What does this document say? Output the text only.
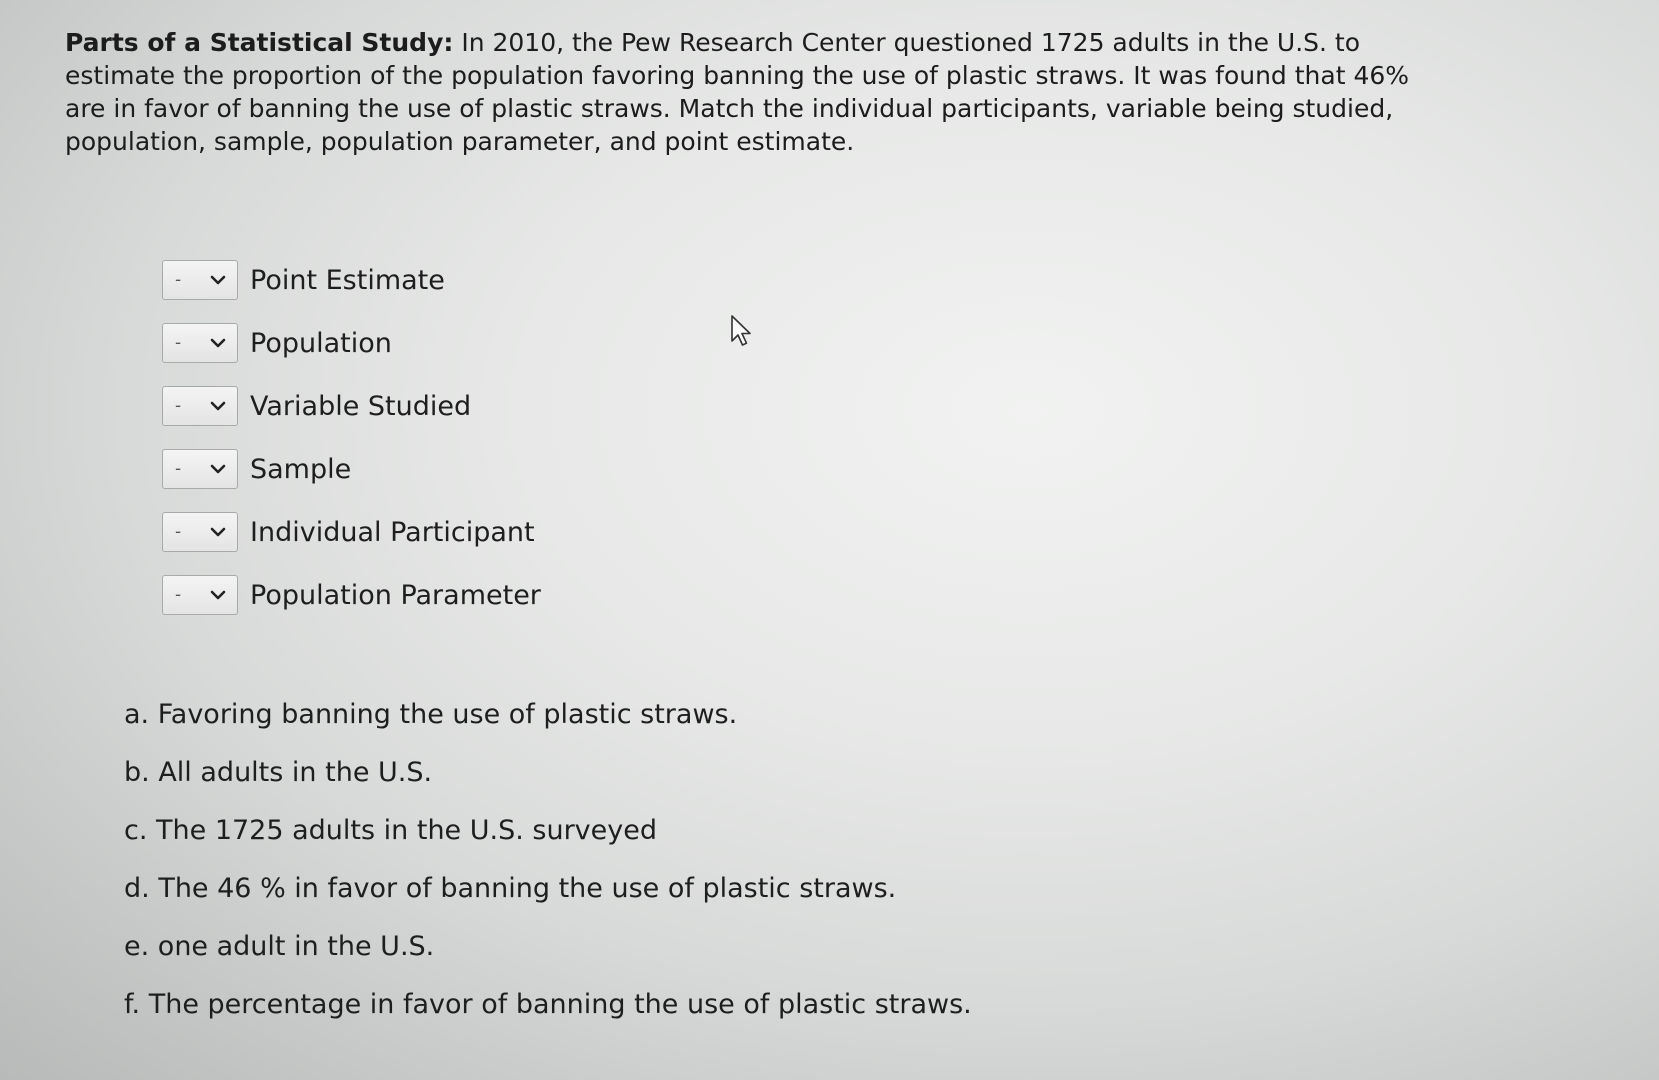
Parts of a Statistical Study: In 2010, the Pew Research Center questioned 1725 adults in the U.S. to estimate the proportion of the population favoring banning the use of plastic straws. It was found that 46% are in favor of banning the use of plastic straws. Match the individual participants, variable being studied, population, sample, population parameter, and point estimate.

-	Point Estimate
-	Population
-	Variable Studied
-	Sample
-	Individual Participant
-	Population Parameter
a. Favoring banning the use of plastic straws.
b. All adults in the U.S.
c. The 1725 adults in the U.S. surveyed
d. The 46 % in favor of banning the use of plastic straws.
e. one adult in the U.S.
f. The percentage in favor of banning the use of plastic straws.
